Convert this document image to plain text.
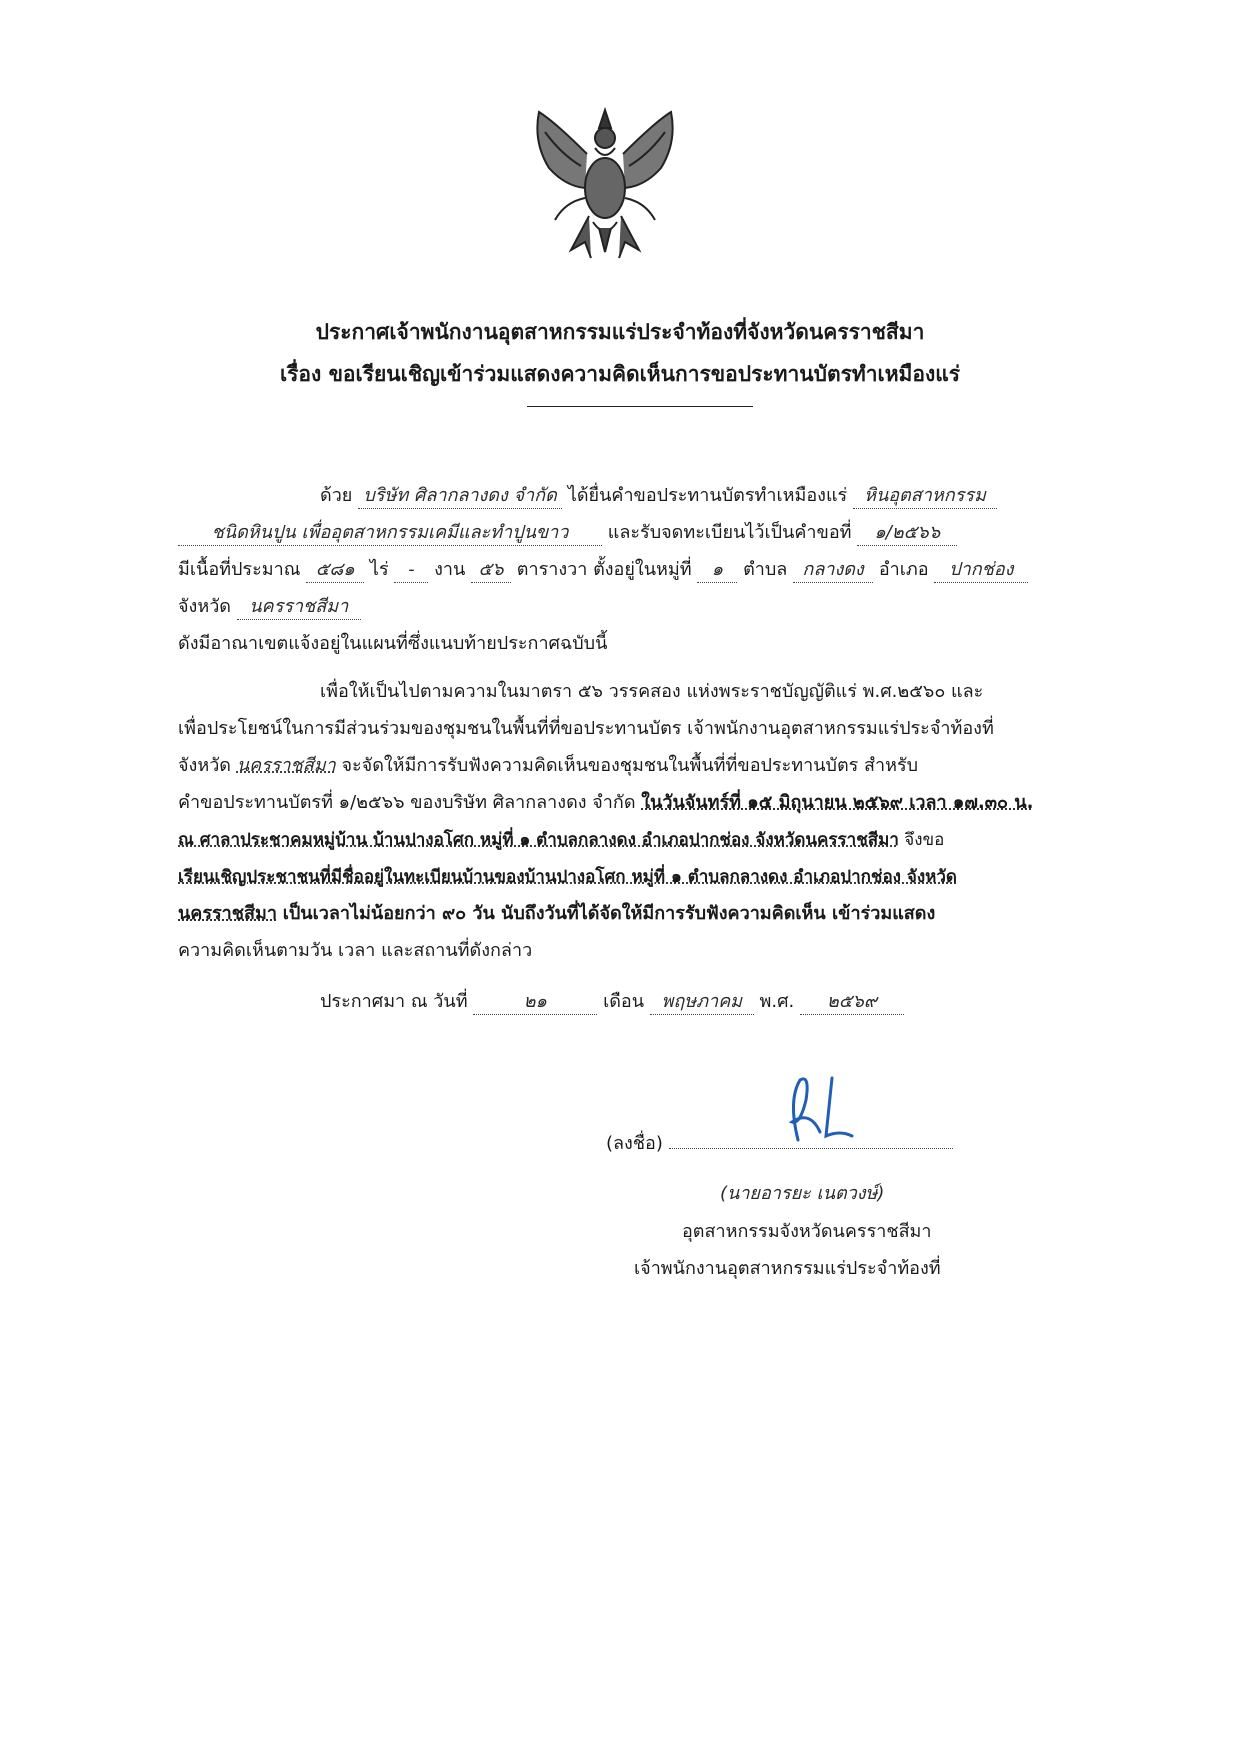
ประกาศเจ้าพนักงานอุตสาหกรรมแร่ประจำท้องที่จังหวัดนครราชสีมา
เรื่อง ขอเรียนเชิญเข้าร่วมแสดงความคิดเห็นการขอประทานบัตรทำเหมืองแร่
ด้วย บริษัท ศิลากลางดง จำกัด ได้ยื่นคำขอประทานบัตรทำเหมืองแร่ หินอุตสาหกรรม
ชนิดหินปูน เพื่ออุตสาหกรรมเคมีและทำปูนขาว และรับจดทะเบียนไว้เป็นคำขอที่ ๑/๒๕๖๖
มีเนื้อที่ประมาณ ๕๘๑ ไร่ - งาน ๕๖ ตารางวา ตั้งอยู่ในหมู่ที่ ๑ ตำบล กลางดง อำเภอ ปากช่อง
จังหวัด นครราชสีมา
ดังมีอาณาเขตแจ้งอยู่ในแผนที่ซึ่งแนบท้ายประกาศฉบับนี้
เพื่อให้เป็นไปตามความในมาตรา ๕๖ วรรคสอง แห่งพระราชบัญญัติแร่ พ.ศ.๒๕๖๐ และ
เพื่อประโยชน์ในการมีส่วนร่วมของชุมชนในพื้นที่ที่ขอประทานบัตร เจ้าพนักงานอุตสาหกรรมแร่ประจำท้องที่
จังหวัด นครราชสีมา จะจัดให้มีการรับฟังความคิดเห็นของชุมชนในพื้นที่ที่ขอประทานบัตร สำหรับ
คำขอประทานบัตรที่ ๑/๒๕๖๖ ของบริษัท ศิลากลางดง จำกัด ในวันจันทร์ที่ ๑๕ มิถุนายน ๒๕๖๙ เวลา ๑๗.๓๐ น.
ณ ศาลาประชาคมหมู่บ้าน บ้านปางอโศก หมู่ที่ ๑ ตำบลกลางดง อำเภอปากช่อง จังหวัดนครราชสีมา จึงขอ
เรียนเชิญประชาชนที่มีชื่ออยู่ในทะเบียนบ้านของบ้านปางอโศก หมู่ที่ ๑ ตำบลกลางดง อำเภอปากช่อง จังหวัด
นครราชสีมา เป็นเวลาไม่น้อยกว่า ๙๐ วัน นับถึงวันที่ได้จัดให้มีการรับฟังความคิดเห็น เข้าร่วมแสดง
ความคิดเห็นตามวัน เวลา และสถานที่ดังกล่าว
ประกาศมา ณ วันที่	๒๑	เดือน พฤษภาคม พ.ศ. ๒๕๖๙
(ลงชื่อ)
(นายอารยะ เนตวงษ์)
อุตสาหกรรมจังหวัดนครราชสีมา
เจ้าพนักงานอุตสาหกรรมแร่ประจำท้องที่
